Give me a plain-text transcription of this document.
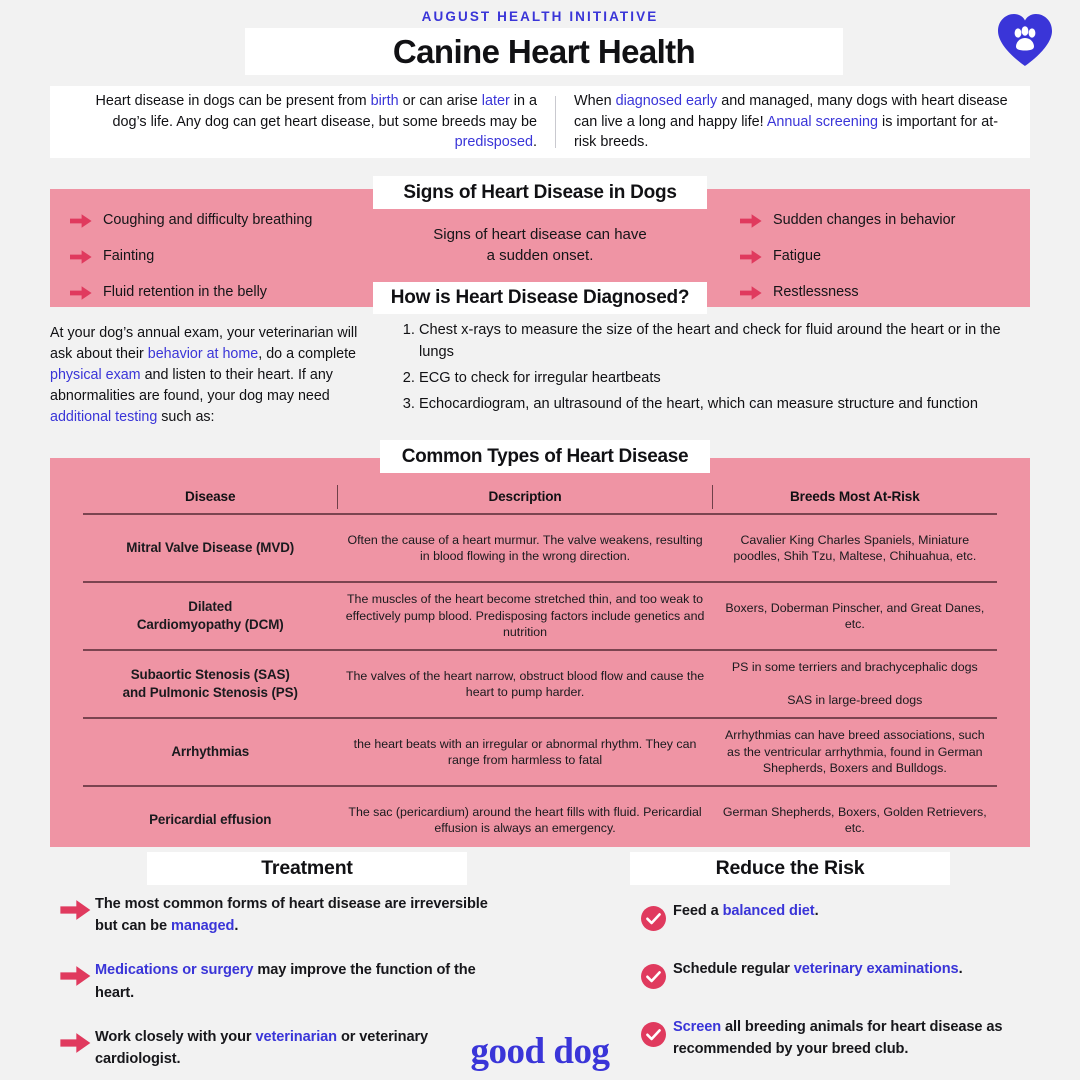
AUGUST HEALTH INITIATIVE
Canine Heart Health
Heart disease in dogs can be present from birth or can arise later in a dog’s life. Any dog can get heart disease, but some breeds may be predisposed.
When diagnosed early and managed, many dogs with heart disease can live a long and happy life! Annual screening is important for at-risk breeds.
Coughing and difficulty breathing
Fainting
Fluid retention in the belly
Sudden changes in behavior
Fatigue
Restlessness
Signs of Heart Disease in Dogs
Signs of heart disease can have
a sudden onset.
How is Heart Disease Diagnosed?
At your dog’s annual exam, your veterinarian will ask about their behavior at home, do a complete physical exam and listen to their heart. If any abnormalities are found, your dog may need additional testing such as:
1. Chest x-rays to measure the size of the heart and check for fluid around the heart or in the lungs
2. ECG to check for irregular heartbeats
3. Echocardiogram, an ultrasound of the heart, which can measure structure and function
Common Types of Heart Disease
Disease	Description	Breeds Most At-Risk
Mitral Valve Disease (MVD)
Often the cause of a heart murmur. The valve weakens, resulting in blood flowing in the wrong direction.
Cavalier King Charles Spaniels, Miniature poodles, Shih Tzu, Maltese, Chihuahua, etc.
Dilated
Cardiomyopathy (DCM)
The muscles of the heart become stretched thin, and too weak to effectively pump blood. Predisposing factors include genetics and nutrition
Boxers, Doberman Pinscher, and Great Danes, etc.
Subaortic Stenosis (SAS)
and Pulmonic Stenosis (PS)
The valves of the heart narrow, obstruct blood flow and cause the heart to pump harder.
PS in some terriers and brachycephalic dogs

SAS in large-breed dogs
Arrhythmias
the heart beats with an irregular or abnormal rhythm. They can range from harmless to fatal
Arrhythmias can have breed associations, such as the ventricular arrhythmia, found in German Shepherds, Boxers and Bulldogs.
Pericardial effusion
The sac (pericardium) around the heart fills with fluid. Pericardial effusion is always an emergency.
German Shepherds, Boxers, Golden Retrievers, etc.
Treatment
The most common forms of heart disease are irreversible but can be managed.
Medications or surgery may improve the function of the heart.
Work closely with your veterinarian or veterinary cardiologist.
Reduce the Risk
Feed a balanced diet.
Schedule regular veterinary examinations.
Screen all breeding animals for heart disease as recommended by your breed club.
good dog
